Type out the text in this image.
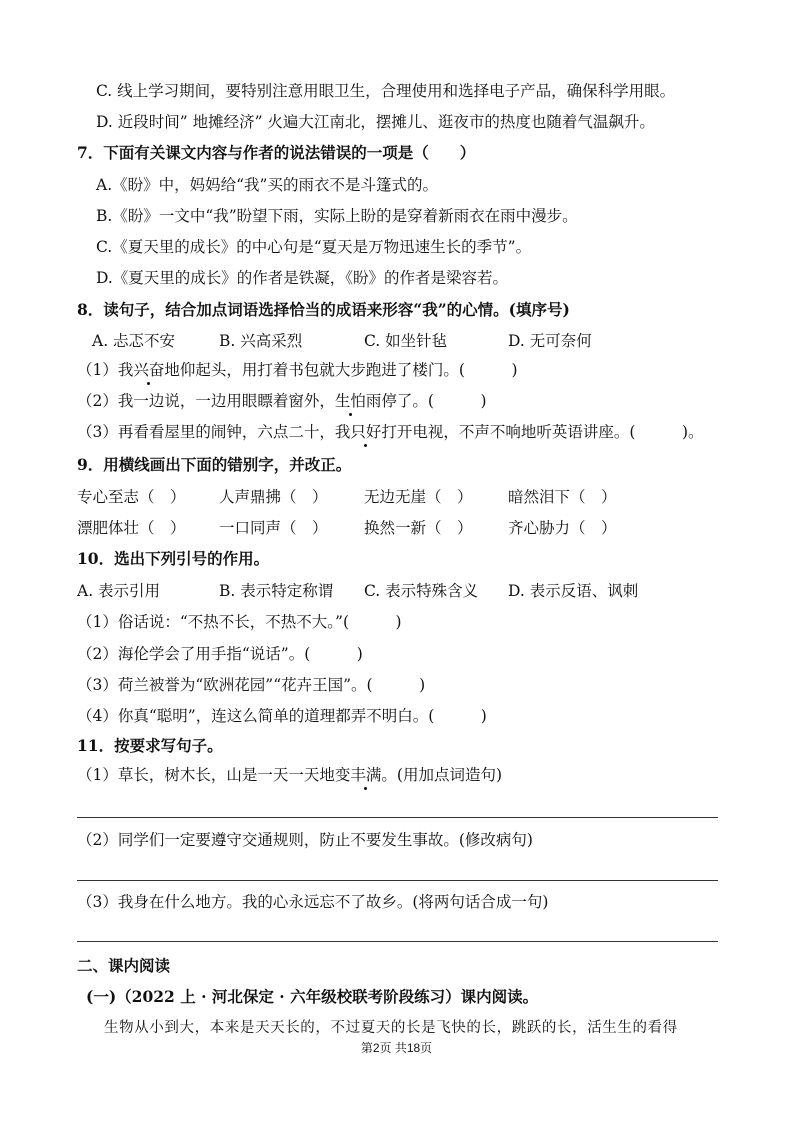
C. 线上学习期间，要特别注意用眼卫生，合理使用和选择电子产品，确保科学用眼。
D. 近段时间” 地摊经济” 火遍大江南北，摆摊儿、逛夜市的热度也随着气温飙升。
7．下面有关课文内容与作者的说法错误的一项是（　　）
A.《盼》中，妈妈给“我”买的雨衣不是斗篷式的。
B.《盼》一文中“我”盼望下雨，实际上盼的是穿着新雨衣在雨中漫步。
C.《夏天里的成长》的中心句是“夏天是万物迅速生长的季节”。
D.《夏天里的成长》的作者是铁凝，《盼》的作者是梁容若。
8．读句子，结合加点词语选择恰当的成语来形容“我”的心情。(填序号)
A. 忐忑不安	B. 兴高采烈	C. 如坐针毡	D. 无可奈何
（1）我兴奋地仰起头，用打着书包就大步跑进了楼门。(　　　)
（2）我一边说，一边用眼瞟着窗外，生怕雨停了。(　　　)
（3）再看看屋里的闹钟，六点二十，我只好打开电视，不声不响地听英语讲座。(　　　)。
9．用横线画出下面的错别字，并改正。
专心至志（　） 人声鼎拂（　） 无边无崖（　） 暗然泪下（　）
漂肥体壮（　） 一口同声（　） 换然一新（　） 齐心胁力（　）
10．选出下列引号的作用。
A. 表示引用	B. 表示特定称谓 C. 表示特殊含义 D. 表示反语、讽刺
（1）俗话说：“不热不长，不热不大。”(　　　)
（2）海伦学会了用手指“说话”。(　　　)
（3）荷兰被誉为“欧洲花园”“花卉王国”。(　　　)
（4）你真“聪明”，连这么简单的道理都弄不明白。(　　　)
11．按要求写句子。
（1）草长，树木长，山是一天一天地变丰满。(用加点词造句)
（2）同学们一定要遵守交通规则，防止不要发生事故。(修改病句)
（3）我身在什么地方。我的心永远忘不了故乡。(将两句话合成一句)
二、课内阅读
(一)（2022 上 · 河北保定 · 六年级校联考阶段练习）课内阅读。
生物从小到大，本来是天天长的，不过夏天的长是飞快的长，跳跃的长，活生生的看得
第2页 共18页
